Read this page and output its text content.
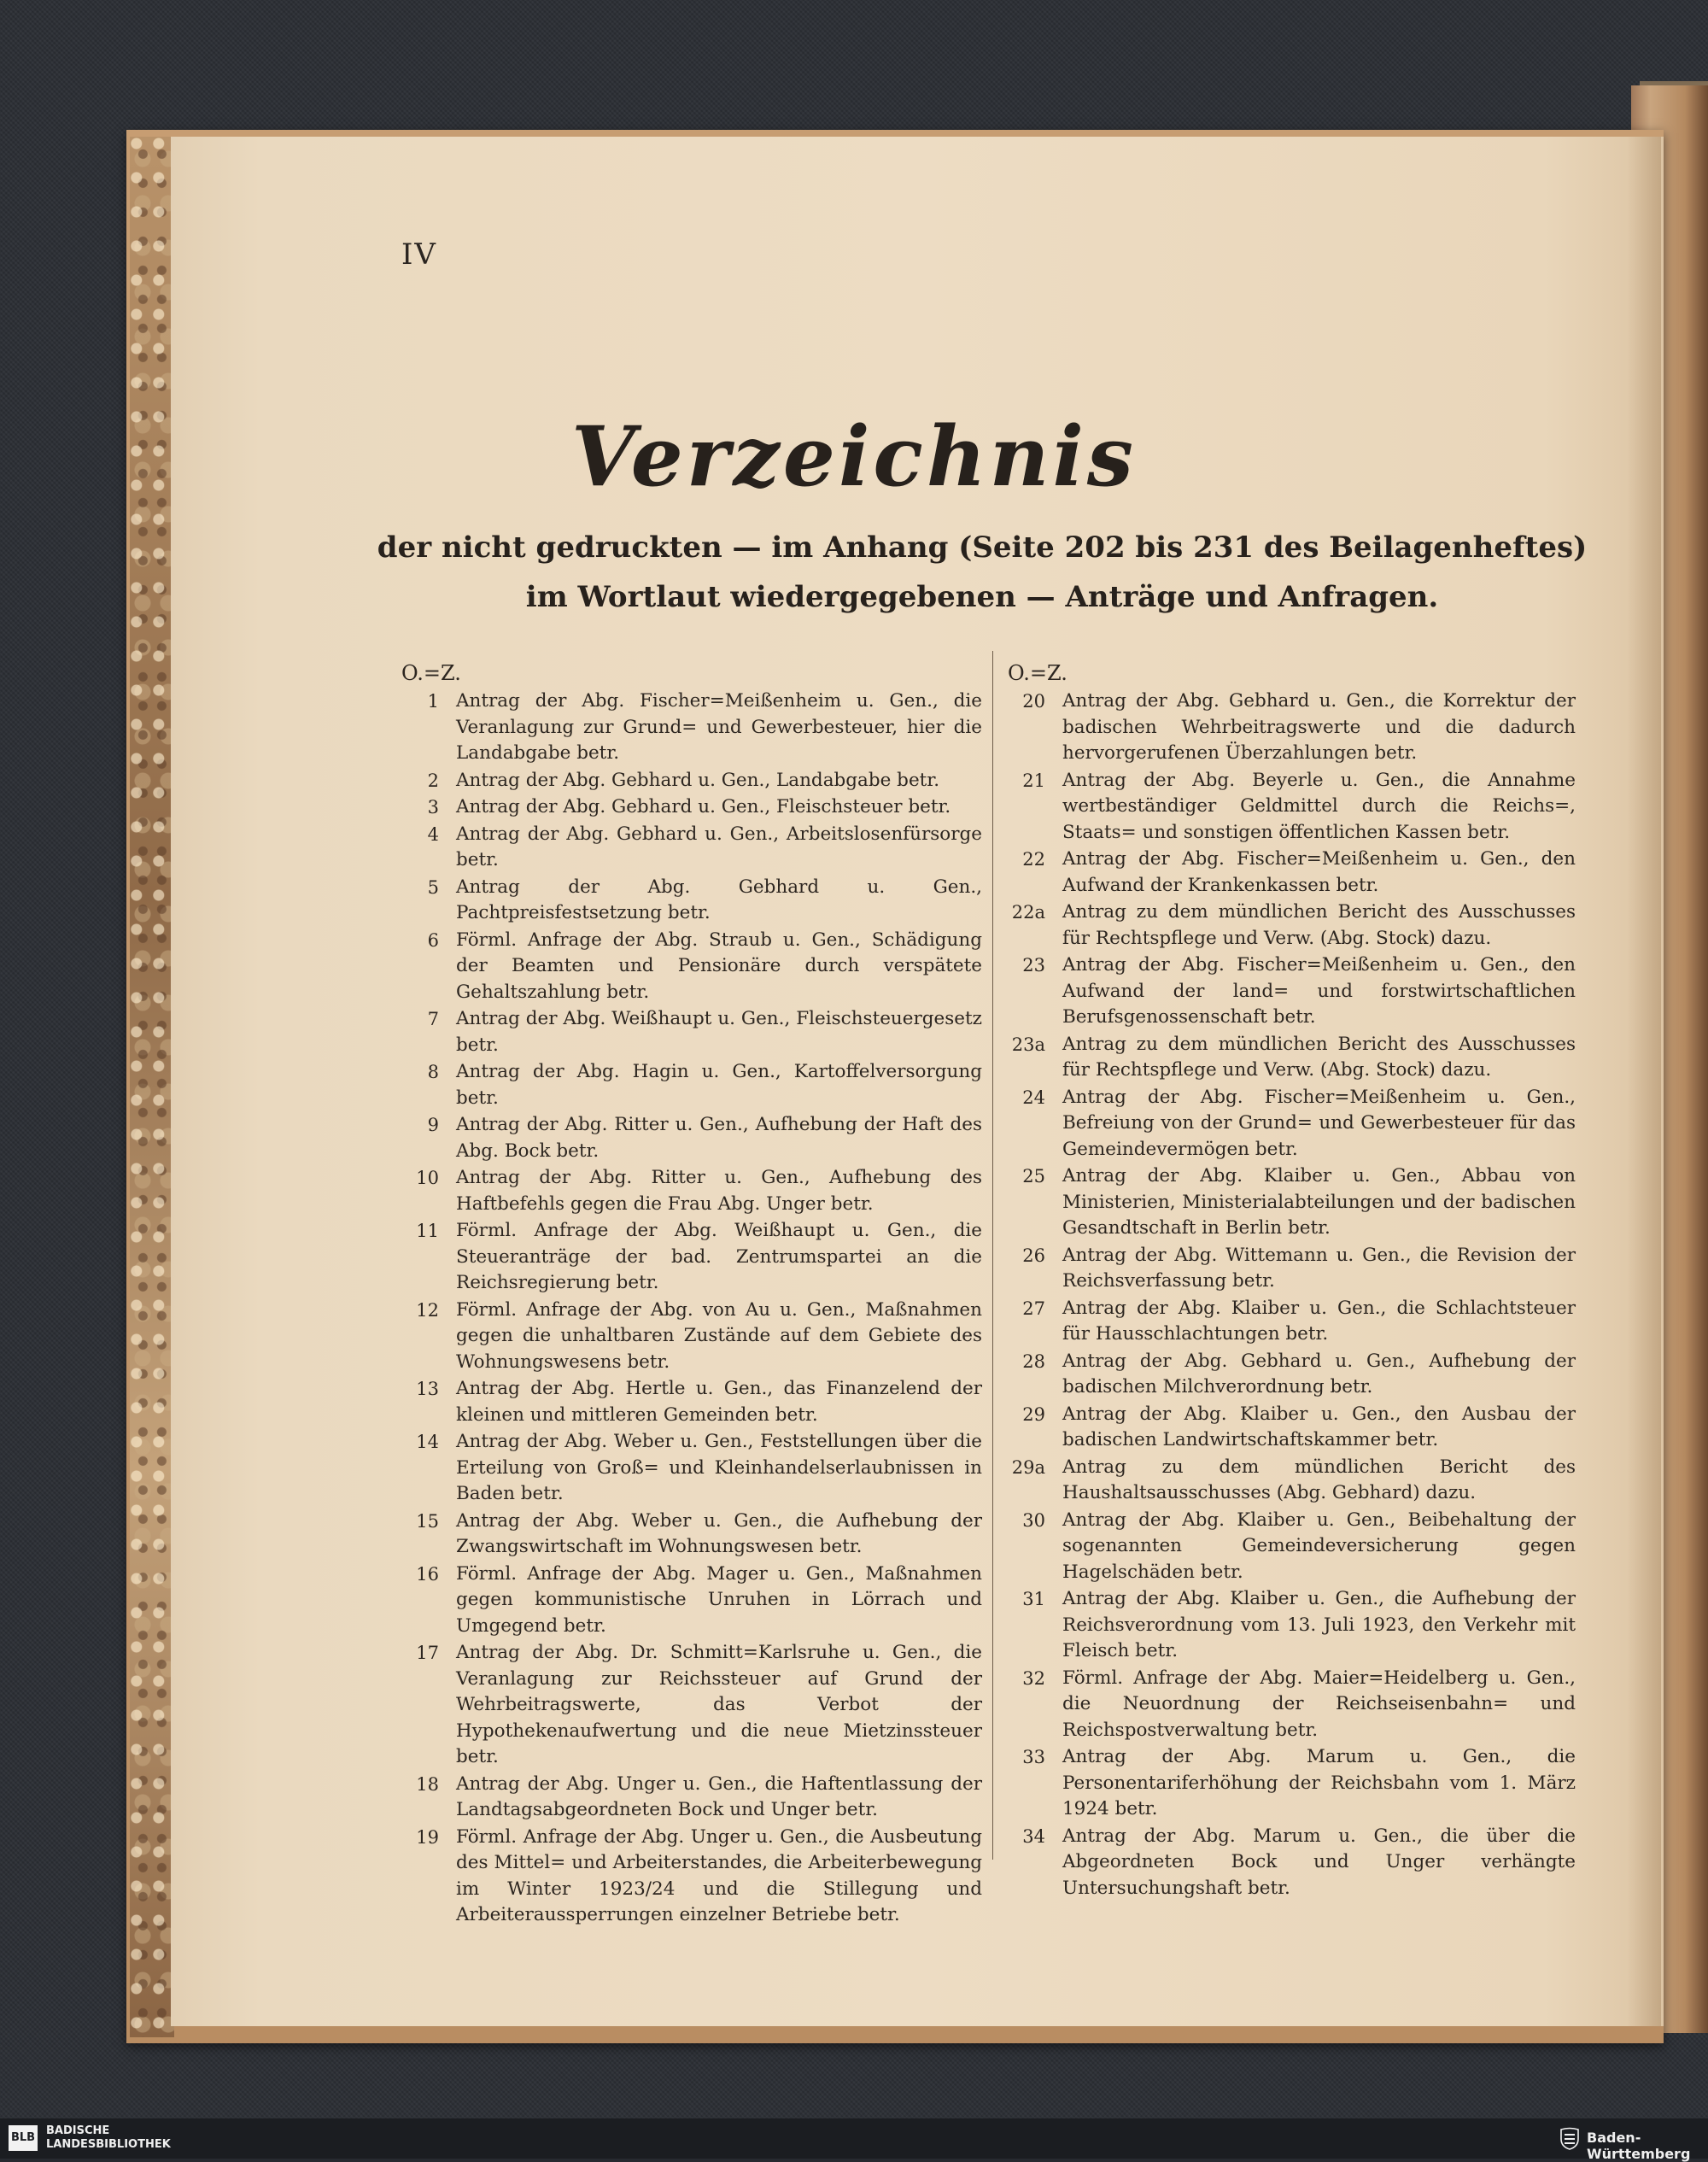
IV
Verzeichnis
der nicht gedruckten — im Anhang (Seite 202 bis 231 des Beilagenheftes) im Wortlaut wiedergegebenen — Anträge und Anfragen.
O.=Z.
1 Antrag der Abg. Fischer=Meißenheim u. Gen., die Veranlagung zur Grund= und Gewerbesteuer, hier die Landabgabe betr.
2 Antrag der Abg. Gebhard u. Gen., Landabgabe betr.
3 Antrag der Abg. Gebhard u. Gen., Fleischsteuer betr.
4 Antrag der Abg. Gebhard u. Gen., Arbeitslosenfürsorge betr.
5 Antrag der Abg. Gebhard u. Gen., Pachtpreisfestsetzung betr.
6 Förml. Anfrage der Abg. Straub u. Gen., Schädigung der Beamten und Pensionäre durch verspätete Gehaltszahlung betr.
7 Antrag der Abg. Weißhaupt u. Gen., Fleischsteuergesetz betr.
8 Antrag der Abg. Hagin u. Gen., Kartoffelversorgung betr.
9 Antrag der Abg. Ritter u. Gen., Aufhebung der Haft des Abg. Bock betr.
10 Antrag der Abg. Ritter u. Gen., Aufhebung des Haftbefehls gegen die Frau Abg. Unger betr.
11 Förml. Anfrage der Abg. Weißhaupt u. Gen., die Steueranträge der bad. Zentrumspartei an die Reichsregierung betr.
12 Förml. Anfrage der Abg. von Au u. Gen., Maßnahmen gegen die unhaltbaren Zustände auf dem Gebiete des Wohnungswesens betr.
13 Antrag der Abg. Hertle u. Gen., das Finanzelend der kleinen und mittleren Gemeinden betr.
14 Antrag der Abg. Weber u. Gen., Feststellungen über die Erteilung von Groß= und Kleinhandelserlaubnissen in Baden betr.
15 Antrag der Abg. Weber u. Gen., die Aufhebung der Zwangswirtschaft im Wohnungswesen betr.
16 Förml. Anfrage der Abg. Mager u. Gen., Maßnahmen gegen kommunistische Unruhen in Lörrach und Umgegend betr.
17 Antrag der Abg. Dr. Schmitt=Karlsruhe u. Gen., die Veranlagung zur Reichssteuer auf Grund der Wehrbeitragswerte, das Verbot der Hypothekenaufwertung und die neue Mietzinssteuer betr.
18 Antrag der Abg. Unger u. Gen., die Haftentlassung der Landtagsabgeordneten Bock und Unger betr.
19 Förml. Anfrage der Abg. Unger u. Gen., die Ausbeutung des Mittel= und Arbeiterstandes, die Arbeiterbewegung im Winter 1923/24 und die Stillegung und Arbeiteraussperrungen einzelner Betriebe betr.
O.=Z.
20 Antrag der Abg. Gebhard u. Gen., die Korrektur der badischen Wehrbeitragswerte und die dadurch hervorgerufenen Überzahlungen betr.
21 Antrag der Abg. Beyerle u. Gen., die Annahme wertbeständiger Geldmittel durch die Reichs=, Staats= und sonstigen öffentlichen Kassen betr.
22 Antrag der Abg. Fischer=Meißenheim u. Gen., den Aufwand der Krankenkassen betr.
22a Antrag zu dem mündlichen Bericht des Ausschusses für Rechtspflege und Verw. (Abg. Stock) dazu.
23 Antrag der Abg. Fischer=Meißenheim u. Gen., den Aufwand der land= und forstwirtschaftlichen Berufsgenossenschaft betr.
23a Antrag zu dem mündlichen Bericht des Ausschusses für Rechtspflege und Verw. (Abg. Stock) dazu.
24 Antrag der Abg. Fischer=Meißenheim u. Gen., Befreiung von der Grund= und Gewerbesteuer für das Gemeindevermögen betr.
25 Antrag der Abg. Klaiber u. Gen., Abbau von Ministerien, Ministerialabteilungen und der badischen Gesandtschaft in Berlin betr.
26 Antrag der Abg. Wittemann u. Gen., die Revision der Reichsverfassung betr.
27 Antrag der Abg. Klaiber u. Gen., die Schlachtsteuer für Hausschlachtungen betr.
28 Antrag der Abg. Gebhard u. Gen., Aufhebung der badischen Milchverordnung betr.
29 Antrag der Abg. Klaiber u. Gen., den Ausbau der badischen Landwirtschaftskammer betr.
29a Antrag zu dem mündlichen Bericht des Haushaltsausschusses (Abg. Gebhard) dazu.
30 Antrag der Abg. Klaiber u. Gen., Beibehaltung der sogenannten Gemeindeversicherung gegen Hagelschäden betr.
31 Antrag der Abg. Klaiber u. Gen., die Aufhebung der Reichsverordnung vom 13. Juli 1923, den Verkehr mit Fleisch betr.
32 Förml. Anfrage der Abg. Maier=Heidelberg u. Gen., die Neuordnung der Reichseisenbahn= und Reichspostverwaltung betr.
33 Antrag der Abg. Marum u. Gen., die Personentariferhöhung der Reichsbahn vom 1. März 1924 betr.
34 Antrag der Abg. Marum u. Gen., die über die Abgeordneten Bock und Unger verhängte Untersuchungshaft betr.
BLB
BADISCHE
LANDESBIBLIOTHEK	Baden-Württemberg
